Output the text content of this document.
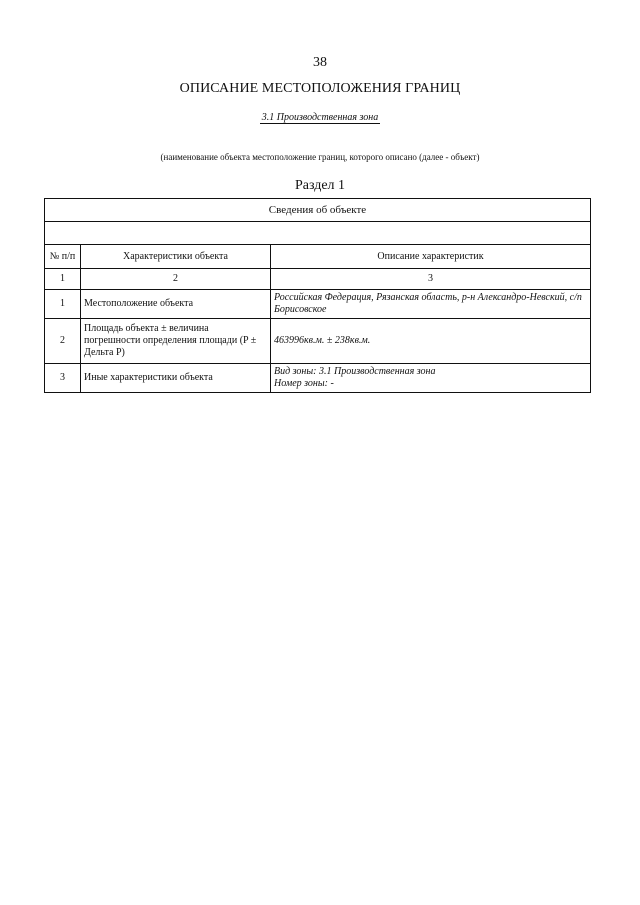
38
ОПИСАНИЕ МЕСТОПОЛОЖЕНИЯ ГРАНИЦ
3.1 Производственная зона
(наименование объекта местоположение границ, которого описано (далее - объект)
Раздел 1
Сведения об объекте		

№ п/п	Характеристики объекта	Описание характеристик
1	2	3
1	Местоположение объекта	Российская Федерация, Рязанская область, р-н Александро-Невский, с/п Борисовское
2	Площадь объекта ± величина погрешности определения площади (P ± Дельта P)	463996кв.м. ± 238кв.м.
3	Иные характеристики объекта	Вид зоны: 3.1 Производственная зона
Номер зоны: -
